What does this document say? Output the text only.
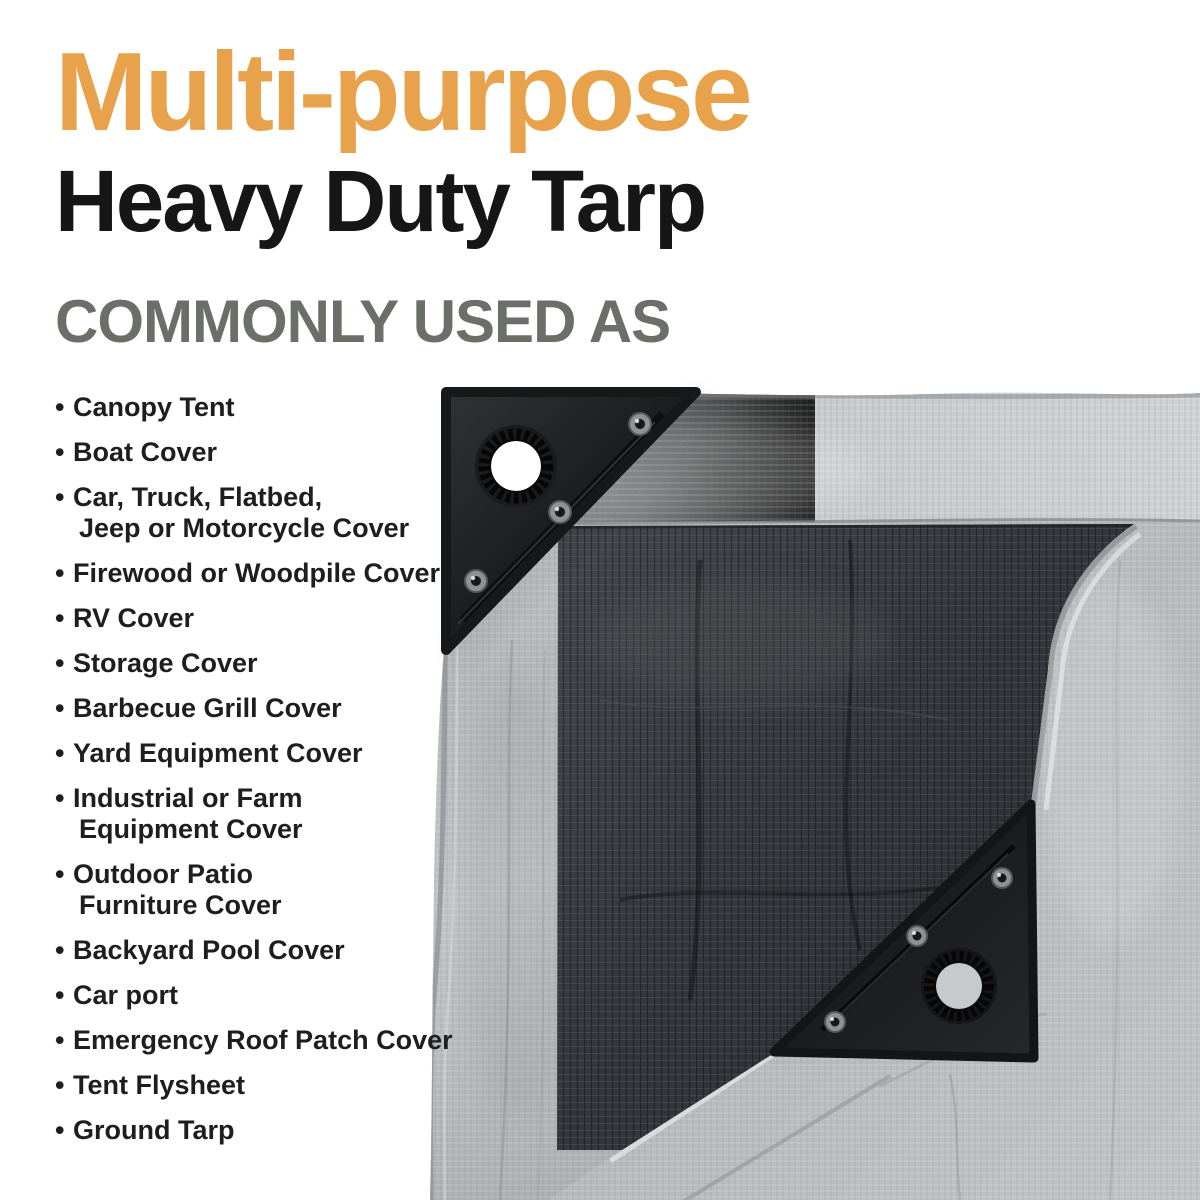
Multi-purpose
Heavy Duty Tarp
COMMONLY USED AS
• Canopy Tent
• Boat Cover
• Car, Truck, Flatbed,
Jeep or Motorcycle Cover
• Firewood or Woodpile Cover
• RV Cover
• Storage Cover
• Barbecue Grill Cover
• Yard Equipment Cover
• Industrial or Farm
Equipment Cover
• Outdoor Patio
Furniture Cover
• Backyard Pool Cover
• Car port
• Emergency Roof Patch Cover
• Tent Flysheet
• Ground Tarp
